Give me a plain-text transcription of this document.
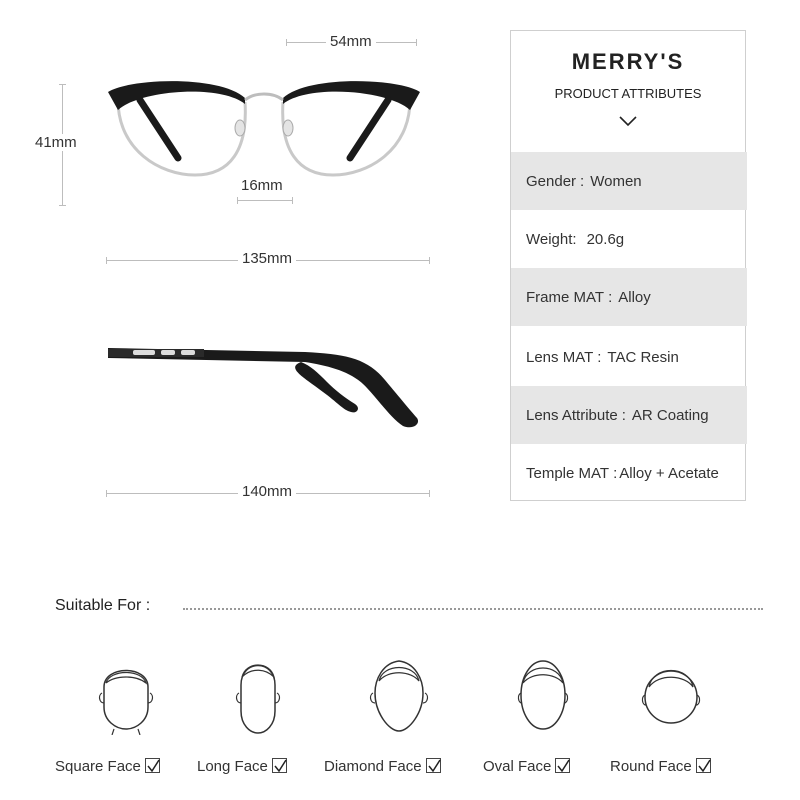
54mm
41mm
16mm
135mm
140mm
MERRY'S
PRODUCT ATTRIBUTES
Gender : Women
Weight: 20.6g
Frame MAT : Alloy
Lens MAT : TAC Resin
Lens Attribute : AR Coating
Temple MAT : Alloy + Acetate
Suitable For :
Square Face	Long Face	Diamond Face	Oval Face	Round Face
